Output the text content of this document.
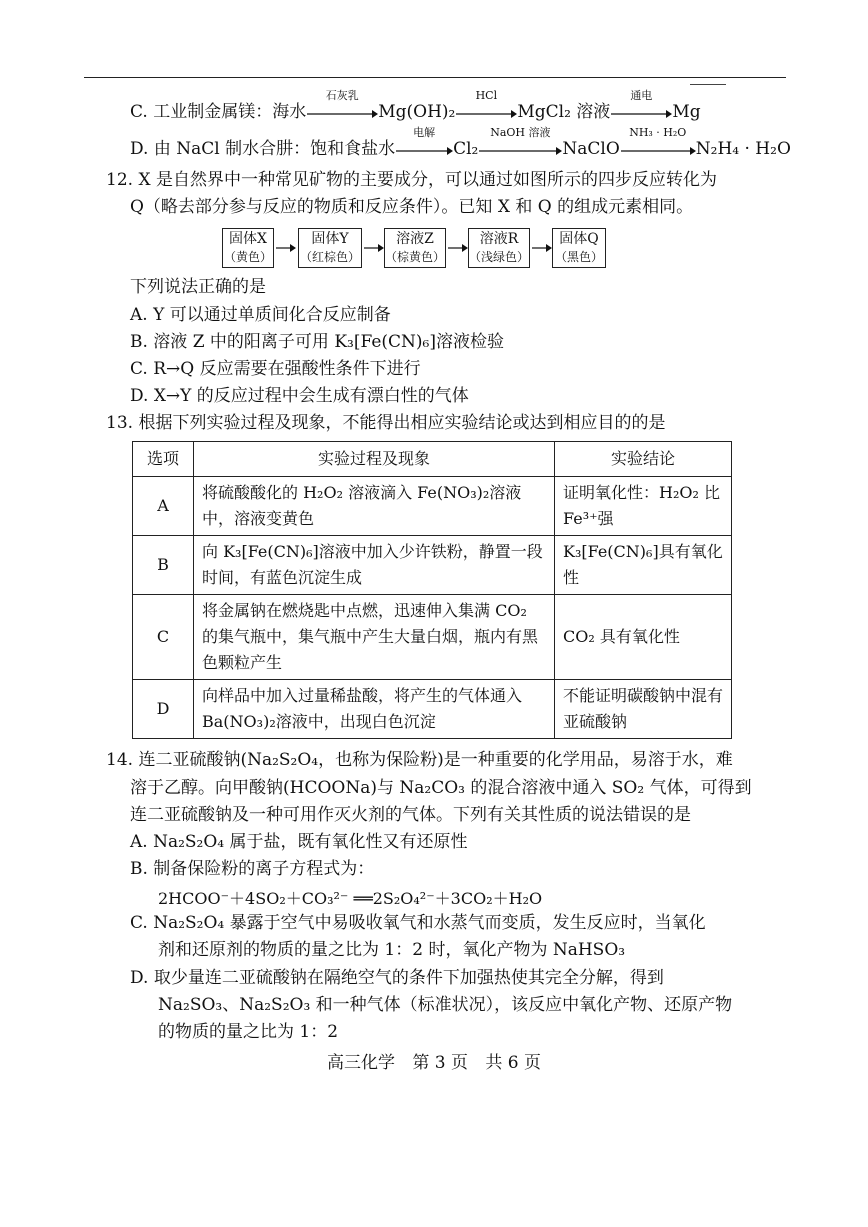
C. 工业制金属镁：海水
石灰乳
Mg(OH)₂
HCl
MgCl₂ 溶液
通电
Mg
D. 由 NaCl 制水合肼：饱和食盐水
电解
Cl₂
NaOH 溶液
NaClO
NH₃ · H₂O
N₂H₄ · H₂O
12. X 是自然界中一种常见矿物的主要成分，可以通过如图所示的四步反应转化为
Q（略去部分参与反应的物质和反应条件）。已知 X 和 Q 的组成元素相同。
固体X
（黄色）
固体Y
（红棕色）
溶液Z
（棕黄色）
溶液R
（浅绿色）
固体Q
（黑色）
下列说法正确的是
A. Y 可以通过单质间化合反应制备
B. 溶液 Z 中的阳离子可用 K₃[Fe(CN)₆]溶液检验
C. R→Q 反应需要在强酸性条件下进行
D. X→Y 的反应过程中会生成有漂白性的气体
13. 根据下列实验过程及现象，不能得出相应实验结论或达到相应目的的是
选项	实验过程及现象	实验结论
A	将硫酸酸化的 H₂O₂ 溶液滴入 Fe(NO₃)₂溶液中，溶液变黄色	证明氧化性：H₂O₂ 比 Fe³⁺强
B	向 K₃[Fe(CN)₆]溶液中加入少许铁粉，静置一段时间，有蓝色沉淀生成	K₃[Fe(CN)₆]具有氧化性
C	将金属钠在燃烧匙中点燃，迅速伸入集满 CO₂ 的集气瓶中，集气瓶中产生大量白烟，瓶内有黑色颗粒产生	CO₂ 具有氧化性
D	向样品中加入过量稀盐酸，将产生的气体通入 Ba(NO₃)₂溶液中，出现白色沉淀	不能证明碳酸钠中混有亚硫酸钠
14. 连二亚硫酸钠(Na₂S₂O₄，也称为保险粉)是一种重要的化学用品，易溶于水，难
溶于乙醇。向甲酸钠(HCOONa)与 Na₂CO₃ 的混合溶液中通入 SO₂ 气体，可得到
连二亚硫酸钠及一种可用作灭火剂的气体。下列有关其性质的说法错误的是
A. Na₂S₂O₄ 属于盐，既有氧化性又有还原性
B. 制备保险粉的离子方程式为：
2HCOO⁻＋4SO₂＋CO₃²⁻ ══2S₂O₄²⁻＋3CO₂＋H₂O
C. Na₂S₂O₄ 暴露于空气中易吸收氧气和水蒸气而变质，发生反应时，当氧化
剂和还原剂的物质的量之比为 1：2 时，氧化产物为 NaHSO₃
D. 取少量连二亚硫酸钠在隔绝空气的条件下加强热使其完全分解，得到
Na₂SO₃、Na₂S₂O₃ 和一种气体（标准状况），该反应中氧化产物、还原产物
的物质的量之比为 1：2
高三化学 第 3 页 共 6 页
